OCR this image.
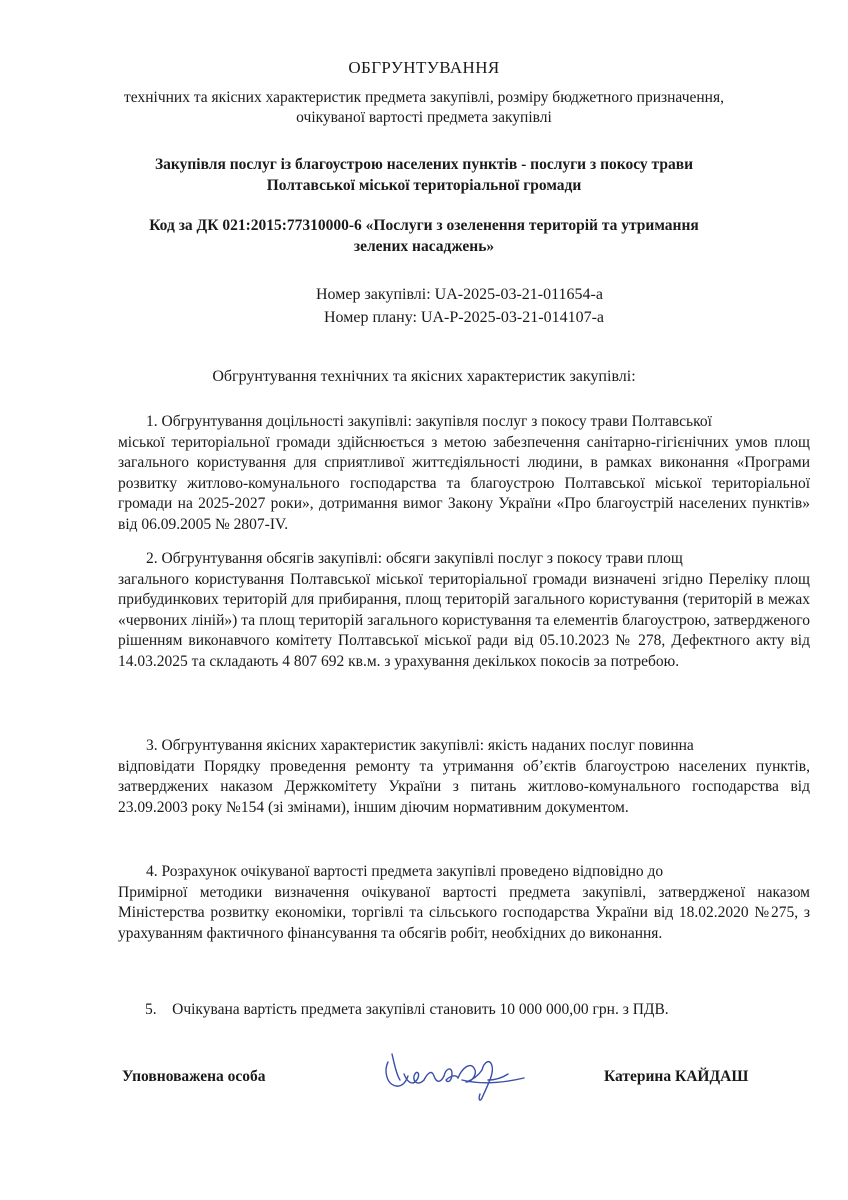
ОБГРУНТУВАННЯ
технічних та якісних характеристик предмета закупівлі, розміру бюджетного призначення,
очікуваної вартості предмета закупівлі
Закупівля послуг із благоустрою населених пунктів - послуги з покосу трави
Полтавської міської територіальної громади
Код за ДК 021:2015:77310000-6 «Послуги з озеленення територій та утримання
зелених насаджень»
Номер закупівлі: UA-2025-03-21-011654-a
Номер плану: UA-P-2025-03-21-014107-a
Обгрунтування технічних та якісних характеристик закупівлі:
1. Обгрунтування доцільності закупівлі: закупівля послуг з покосу трави Полтавської
міської територіальної громади здійснюється з метою забезпечення санітарно-гігієнічних умов площ загального користування для сприятливої життєдіяльності людини, в рамках виконання «Програми розвитку житлово-комунального господарства та благоустрою Полтавської міської територіальної громади на 2025-2027 роки», дотримання вимог Закону України «Про благоустрій населених пунктів» від 06.09.2005 № 2807-IV.
2. Обгрунтування обсягів закупівлі: обсяги закупівлі послуг з покосу трави площ
загального користування Полтавської міської територіальної громади визначені згідно Переліку площ прибудинкових територій для прибирання, площ територій загального користування (територій в межах «червоних ліній») та площ територій загального користування та елементів благоустрою, затвердженого рішенням виконавчого комітету Полтавської міської ради від 05.10.2023 № 278, Дефектного акту від 14.03.2025 та складають 4 807 692 кв.м. з урахування декількох покосів за потребою.
3. Обгрунтування якісних характеристик закупівлі: якість наданих послуг повинна
відповідати Порядку проведення ремонту та утримання об’єктів благоустрою населених пунктів, затверджених наказом Держкомітету України з питань житлово-комунального господарства від 23.09.2003 року №154 (зі змінами), іншим діючим нормативним документом.
4. Розрахунок очікуваної вартості предмета закупівлі проведено відповідно до
Примірної методики визначення очікуваної вартості предмета закупівлі, затвердженої наказом Міністерства розвитку економіки, торгівлі та сільського господарства України від 18.02.2020 №275, з урахуванням фактичного фінансування та обсягів робіт, необхідних до виконання.
5.    Очікувана вартість предмета закупівлі становить 10 000 000,00 грн. з ПДВ.
Уповноважена особа	Катерина КАЙДАШ
